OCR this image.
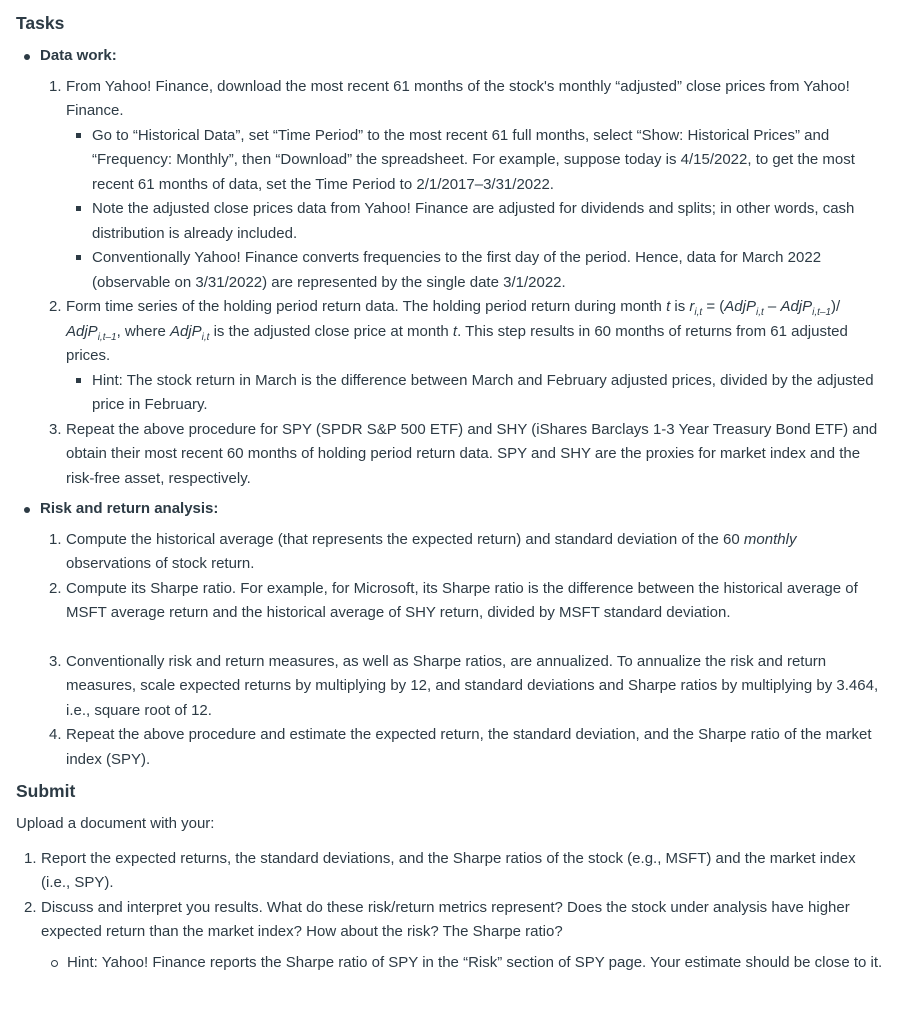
Tasks
Data work:
1. From Yahoo! Finance, download the most recent 61 months of the stock's monthly “adjusted” close prices from Yahoo! Finance.
Go to “Historical Data”, set “Time Period” to the most recent 61 full months, select “Show: Historical Prices” and “Frequency: Monthly”, then “Download” the spreadsheet. For example, suppose today is 4/15/2022, to get the most recent 61 months of data, set the Time Period to 2/1/2017–3/31/2022.
Note the adjusted close prices data from Yahoo! Finance are adjusted for dividends and splits; in other words, cash distribution is already included.
Conventionally Yahoo! Finance converts frequencies to the first day of the period. Hence, data for March 2022 (observable on 3/31/2022) are represented by the single date 3/1/2022.
2. Form time series of the holding period return data. The holding period return during month t is $r_{i,t}$ = (AdjP$_{i,t}$ – AdjP$_{i,t-1}$)/ AdjP$_{i,t-1}$, where AdjP$_{i,t}$ is the adjusted close price at month t. This step results in 60 months of returns from 61 adjusted prices.
Hint: The stock return in March is the difference between March and February adjusted prices, divided by the adjusted price in February.
3. Repeat the above procedure for SPY (SPDR S&P 500 ETF) and SHY (iShares Barclays 1-3 Year Treasury Bond ETF) and obtain their most recent 60 months of holding period return data. SPY and SHY are the proxies for market index and the risk-free asset, respectively.
Risk and return analysis:
1. Compute the historical average (that represents the expected return) and standard deviation of the 60 monthly observations of stock return.
2. Compute its Sharpe ratio. For example, for Microsoft, its Sharpe ratio is the difference between the historical average of MSFT average return and the historical average of SHY return, divided by MSFT standard deviation.
3. Conventionally risk and return measures, as well as Sharpe ratios, are annualized. To annualize the risk and return measures, scale expected returns by multiplying by 12, and standard deviations and Sharpe ratios by multiplying by 3.464, i.e., square root of 12.
4. Repeat the above procedure and estimate the expected return, the standard deviation, and the Sharpe ratio of the market index (SPY).
Submit

Upload a document with your:

1. Report the expected returns, the standard deviations, and the Sharpe ratios of the stock (e.g., MSFT) and the market index (i.e., SPY).
2. Discuss and interpret you results. What do these risk/return metrics represent? Does the stock under analysis have higher expected return than the market index? How about the risk? The Sharpe ratio?
Hint: Yahoo! Finance reports the Sharpe ratio of SPY in the “Risk” section of SPY page. Your estimate should be close to it.
